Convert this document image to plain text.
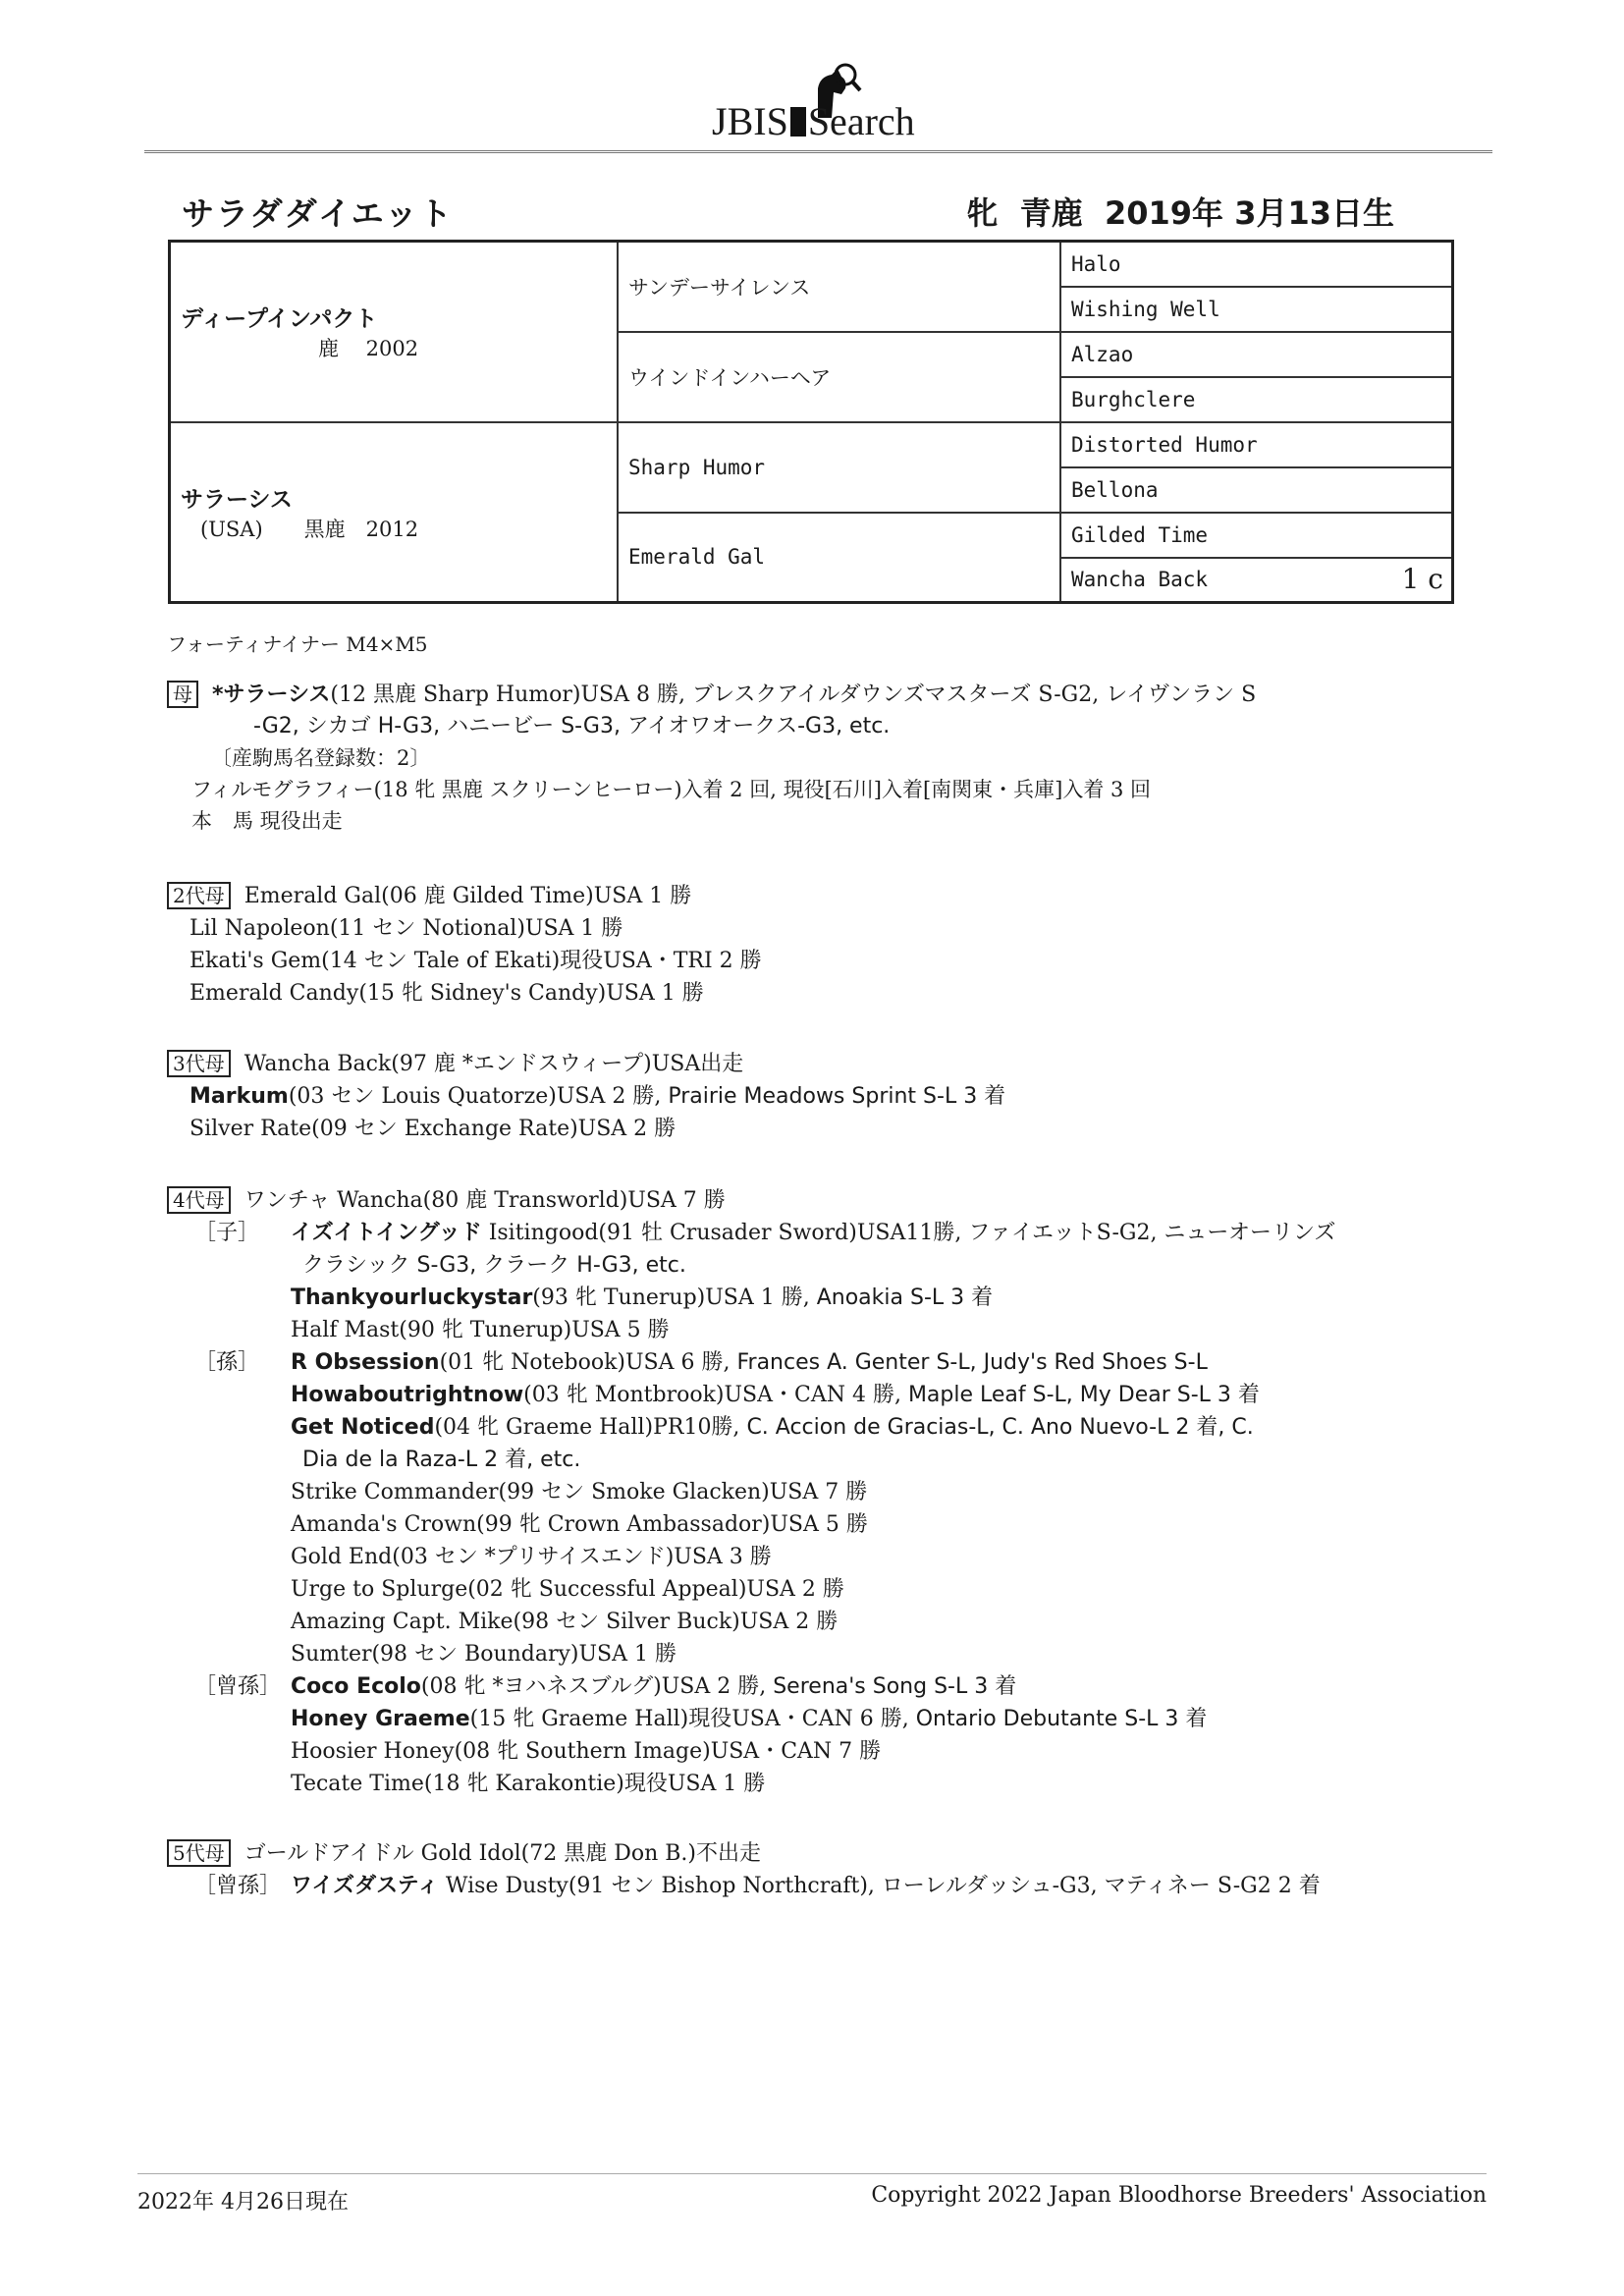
JBIS Search
サラダダイエット	牝 青鹿 2019年 3月13日生
ディープインパクト
鹿　 2002	サンデーサイレンス	Halo
		Wishing Well
	ウインドインハーヘア	Alzao
		Burghclere
サラーシス
(USA)　　黒鹿　2012	Sharp Humor	Distorted Humor
		Bellona
	Emerald Gal	Gilded Time
		Wancha Back 1 c
フォーティナイナー M4×M5
母 *サラーシス(12 黒鹿 Sharp Humor)USA 8 勝, ブレスクアイルダウンズマスターズ S-G2, レイヴンラン S
-G2, シカゴ H-G3, ハニービー S-G3, アイオワオークス-G3, etc.
〔産駒馬名登録数：2〕
フィルモグラフィー(18 牝 黒鹿 スクリーンヒーロー)入着 2 回, 現役[石川]入着[南関東・兵庫]入着 3 回
本　馬 現役出走
2代母 Emerald Gal(06 鹿 Gilded Time)USA 1 勝
Lil Napoleon(11 セン Notional)USA 1 勝
Ekati's Gem(14 セン Tale of Ekati)現役USA・TRI 2 勝
Emerald Candy(15 牝 Sidney's Candy)USA 1 勝
3代母 Wancha Back(97 鹿 *エンドスウィープ)USA出走
Markum(03 セン Louis Quatorze)USA 2 勝, Prairie Meadows Sprint S-L 3 着
Silver Rate(09 セン Exchange Rate)USA 2 勝
4代母 ワンチャ Wancha(80 鹿 Transworld)USA 7 勝
［子］ イズイトイングッド Isitingood(91 牡 Crusader Sword)USA11勝, ファイエットS-G2, ニューオーリンズ
クラシック S-G3, クラーク H-G3, etc.
Thankyourluckystar(93 牝 Tunerup)USA 1 勝, Anoakia S-L 3 着
Half Mast(90 牝 Tunerup)USA 5 勝
［孫］ R Obsession(01 牝 Notebook)USA 6 勝, Frances A. Genter S-L, Judy's Red Shoes S-L
Howaboutrightnow(03 牝 Montbrook)USA・CAN 4 勝, Maple Leaf S-L, My Dear S-L 3 着
Get Noticed(04 牝 Graeme Hall)PR10勝, C. Accion de Gracias-L, C. Ano Nuevo-L 2 着, C.
Dia de la Raza-L 2 着, etc.
Strike Commander(99 セン Smoke Glacken)USA 7 勝
Amanda's Crown(99 牝 Crown Ambassador)USA 5 勝
Gold End(03 セン *プリサイスエンド)USA 3 勝
Urge to Splurge(02 牝 Successful Appeal)USA 2 勝
Amazing Capt. Mike(98 セン Silver Buck)USA 2 勝
Sumter(98 セン Boundary)USA 1 勝
［曾孫］ Coco Ecolo(08 牝 *ヨハネスブルグ)USA 2 勝, Serena's Song S-L 3 着
Honey Graeme(15 牝 Graeme Hall)現役USA・CAN 6 勝, Ontario Debutante S-L 3 着
Hoosier Honey(08 牝 Southern Image)USA・CAN 7 勝
Tecate Time(18 牝 Karakontie)現役USA 1 勝
5代母 ゴールドアイドル Gold Idol(72 黒鹿 Don B.)不出走
［曾孫］ ワイズダスティ Wise Dusty(91 セン Bishop Northcraft), ローレルダッシュ-G3, マティネー S-G2 2 着
2022年 4月26日現在	Copyright 2022 Japan Bloodhorse Breeders' Association
